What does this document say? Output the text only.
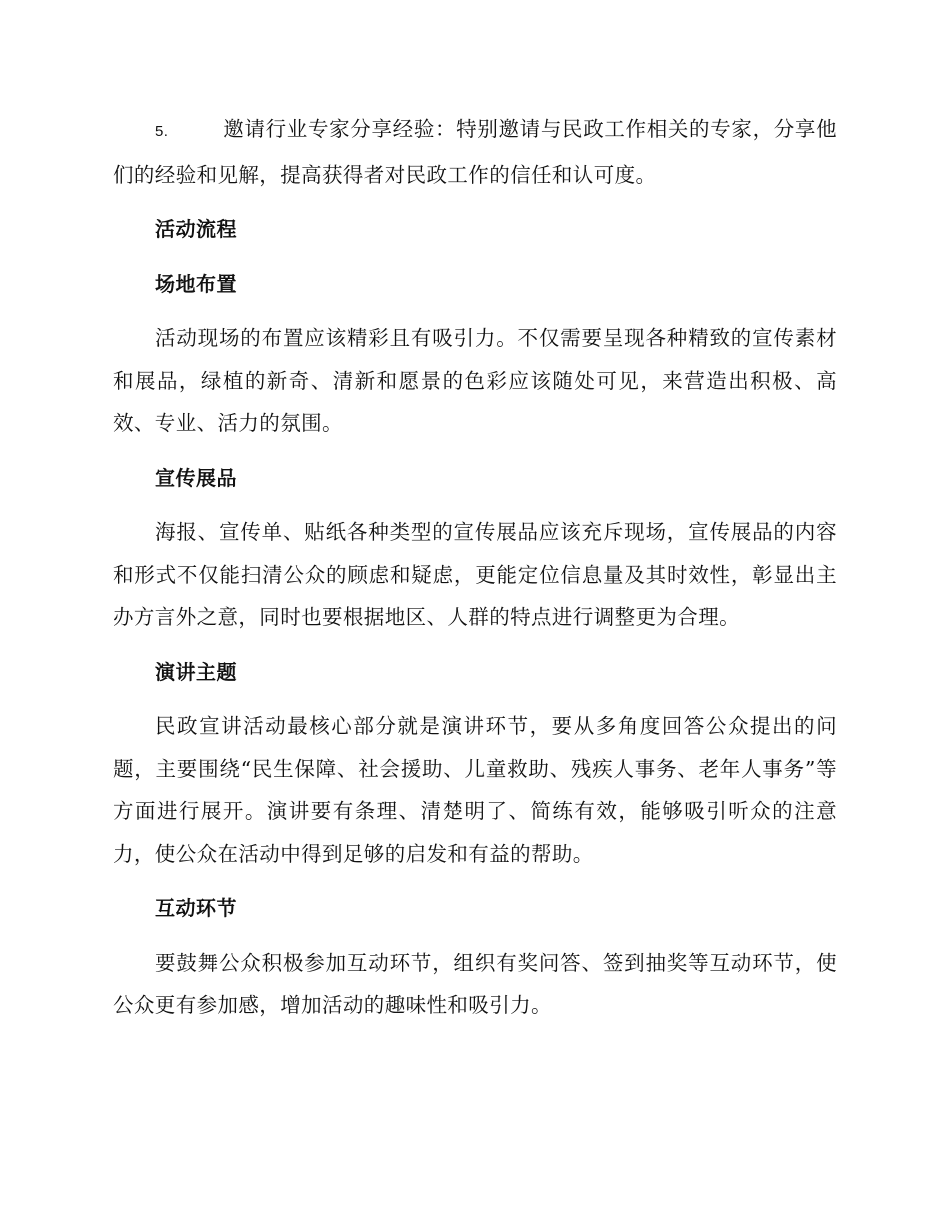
5.	邀请行业专家分享经验：特别邀请与民政工作相关的专家，分享他们的经验和见解，提高获得者对民政工作的信任和认可度。

活动流程

场地布置

活动现场的布置应该精彩且有吸引力。不仅需要呈现各种精致的宣传素材和展品，绿植的新奇、清新和愿景的色彩应该随处可见，来营造出积极、高效、专业、活力的氛围。

宣传展品

海报、宣传单、贴纸各种类型的宣传展品应该充斥现场，宣传展品的内容和形式不仅能扫清公众的顾虑和疑虑，更能定位信息量及其时效性，彰显出主办方言外之意，同时也要根据地区、人群的特点进行调整更为合理。

演讲主题

民政宣讲活动最核心部分就是演讲环节，要从多角度回答公众提出的问题，主要围绕“民生保障、社会援助、儿童救助、残疾人事务、老年人事务”等方面进行展开。演讲要有条理、清楚明了、简练有效，能够吸引听众的注意力，使公众在活动中得到足够的启发和有益的帮助。

互动环节

要鼓舞公众积极参加互动环节，组织有奖问答、签到抽奖等互动环节，使公众更有参加感，增加活动的趣味性和吸引力。
